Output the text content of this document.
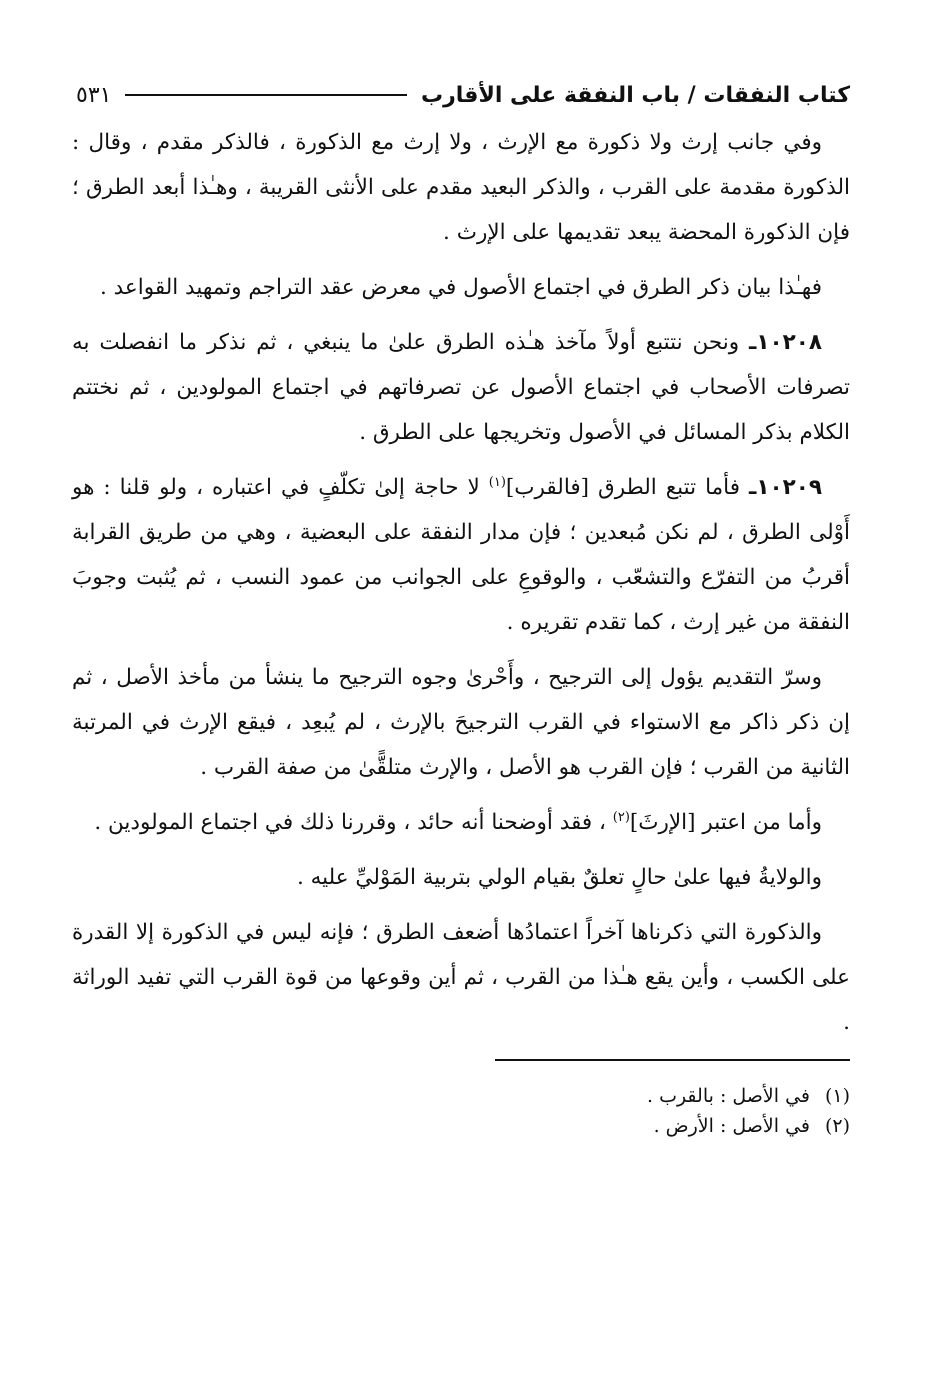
كتاب النفقات / باب النفقة على الأقارب
٥٣١

وفي جانب إرث ولا ذكورة مع الإرث ، ولا إرث مع الذكورة ، فالذكر مقدم ، وقال : الذكورة مقدمة على القرب ، والذكر البعيد مقدم على الأنثى القريبة ، وهـٰذا أبعد الطرق ؛ فإن الذكورة المحضة يبعد تقديمها على الإرث .

فهـٰذا بيان ذكر الطرق في اجتماع الأصول في معرض عقد التراجم وتمهيد القواعد .

١٠٢٠٨ـ ونحن نتتبع أولاً مآخذ هـٰذه الطرق علىٰ ما ينبغي ، ثم نذكر ما انفصلت به تصرفات الأصحاب في اجتماع الأصول عن تصرفاتهم في اجتماع المولودين ، ثم نختتم الكلام بذكر المسائل في الأصول وتخريجها على الطرق .

١٠٢٠٩ـ فأما تتبع الطرق [فالقرب]$^{(١)}$ لا حاجة إلىٰ تكلّفٍ في اعتباره ، ولو قلنا : هو أَوْلى الطرق ، لم نكن مُبعدين ؛ فإن مدار النفقة على البعضية ، وهي من طريق القرابة أقربُ من التفرّع والتشعّب ، والوقوعِ على الجوانب من عمود النسب ، ثم يُثبت وجوبَ النفقة من غير إرث ، كما تقدم تقريره .

وسرّ التقديم يؤول إلى الترجيح ، وأَحْرىٰ وجوه الترجيح ما ينشأ من مأخذ الأصل ، ثم إن ذكر ذاكر مع الاستواء في القرب الترجيحَ بالإرث ، لم يُبعِد ، فيقع الإرث في المرتبة الثانية من القرب ؛ فإن القرب هو الأصل ، والإرث متلقًّىٰ من صفة القرب .

وأما من اعتبر [الإرثَ]$^{(٢)}$ ، فقد أوضحنا أنه حائد ، وقررنا ذلك في اجتماع المولودين .

والولايةُ فيها علىٰ حالٍ تعلقٌ بقيام الولي بتربية المَوْليِّ عليه .

والذكورة التي ذكرناها آخراً اعتمادُها أضعف الطرق ؛ فإنه ليس في الذكورة إلا القدرة على الكسب ، وأين يقع هـٰذا من القرب ، ثم أين وقوعها من قوة القرب التي تفيد الوراثة .

(١)
في الأصل : بالقرب .
(٢)
في الأصل : الأرض .
